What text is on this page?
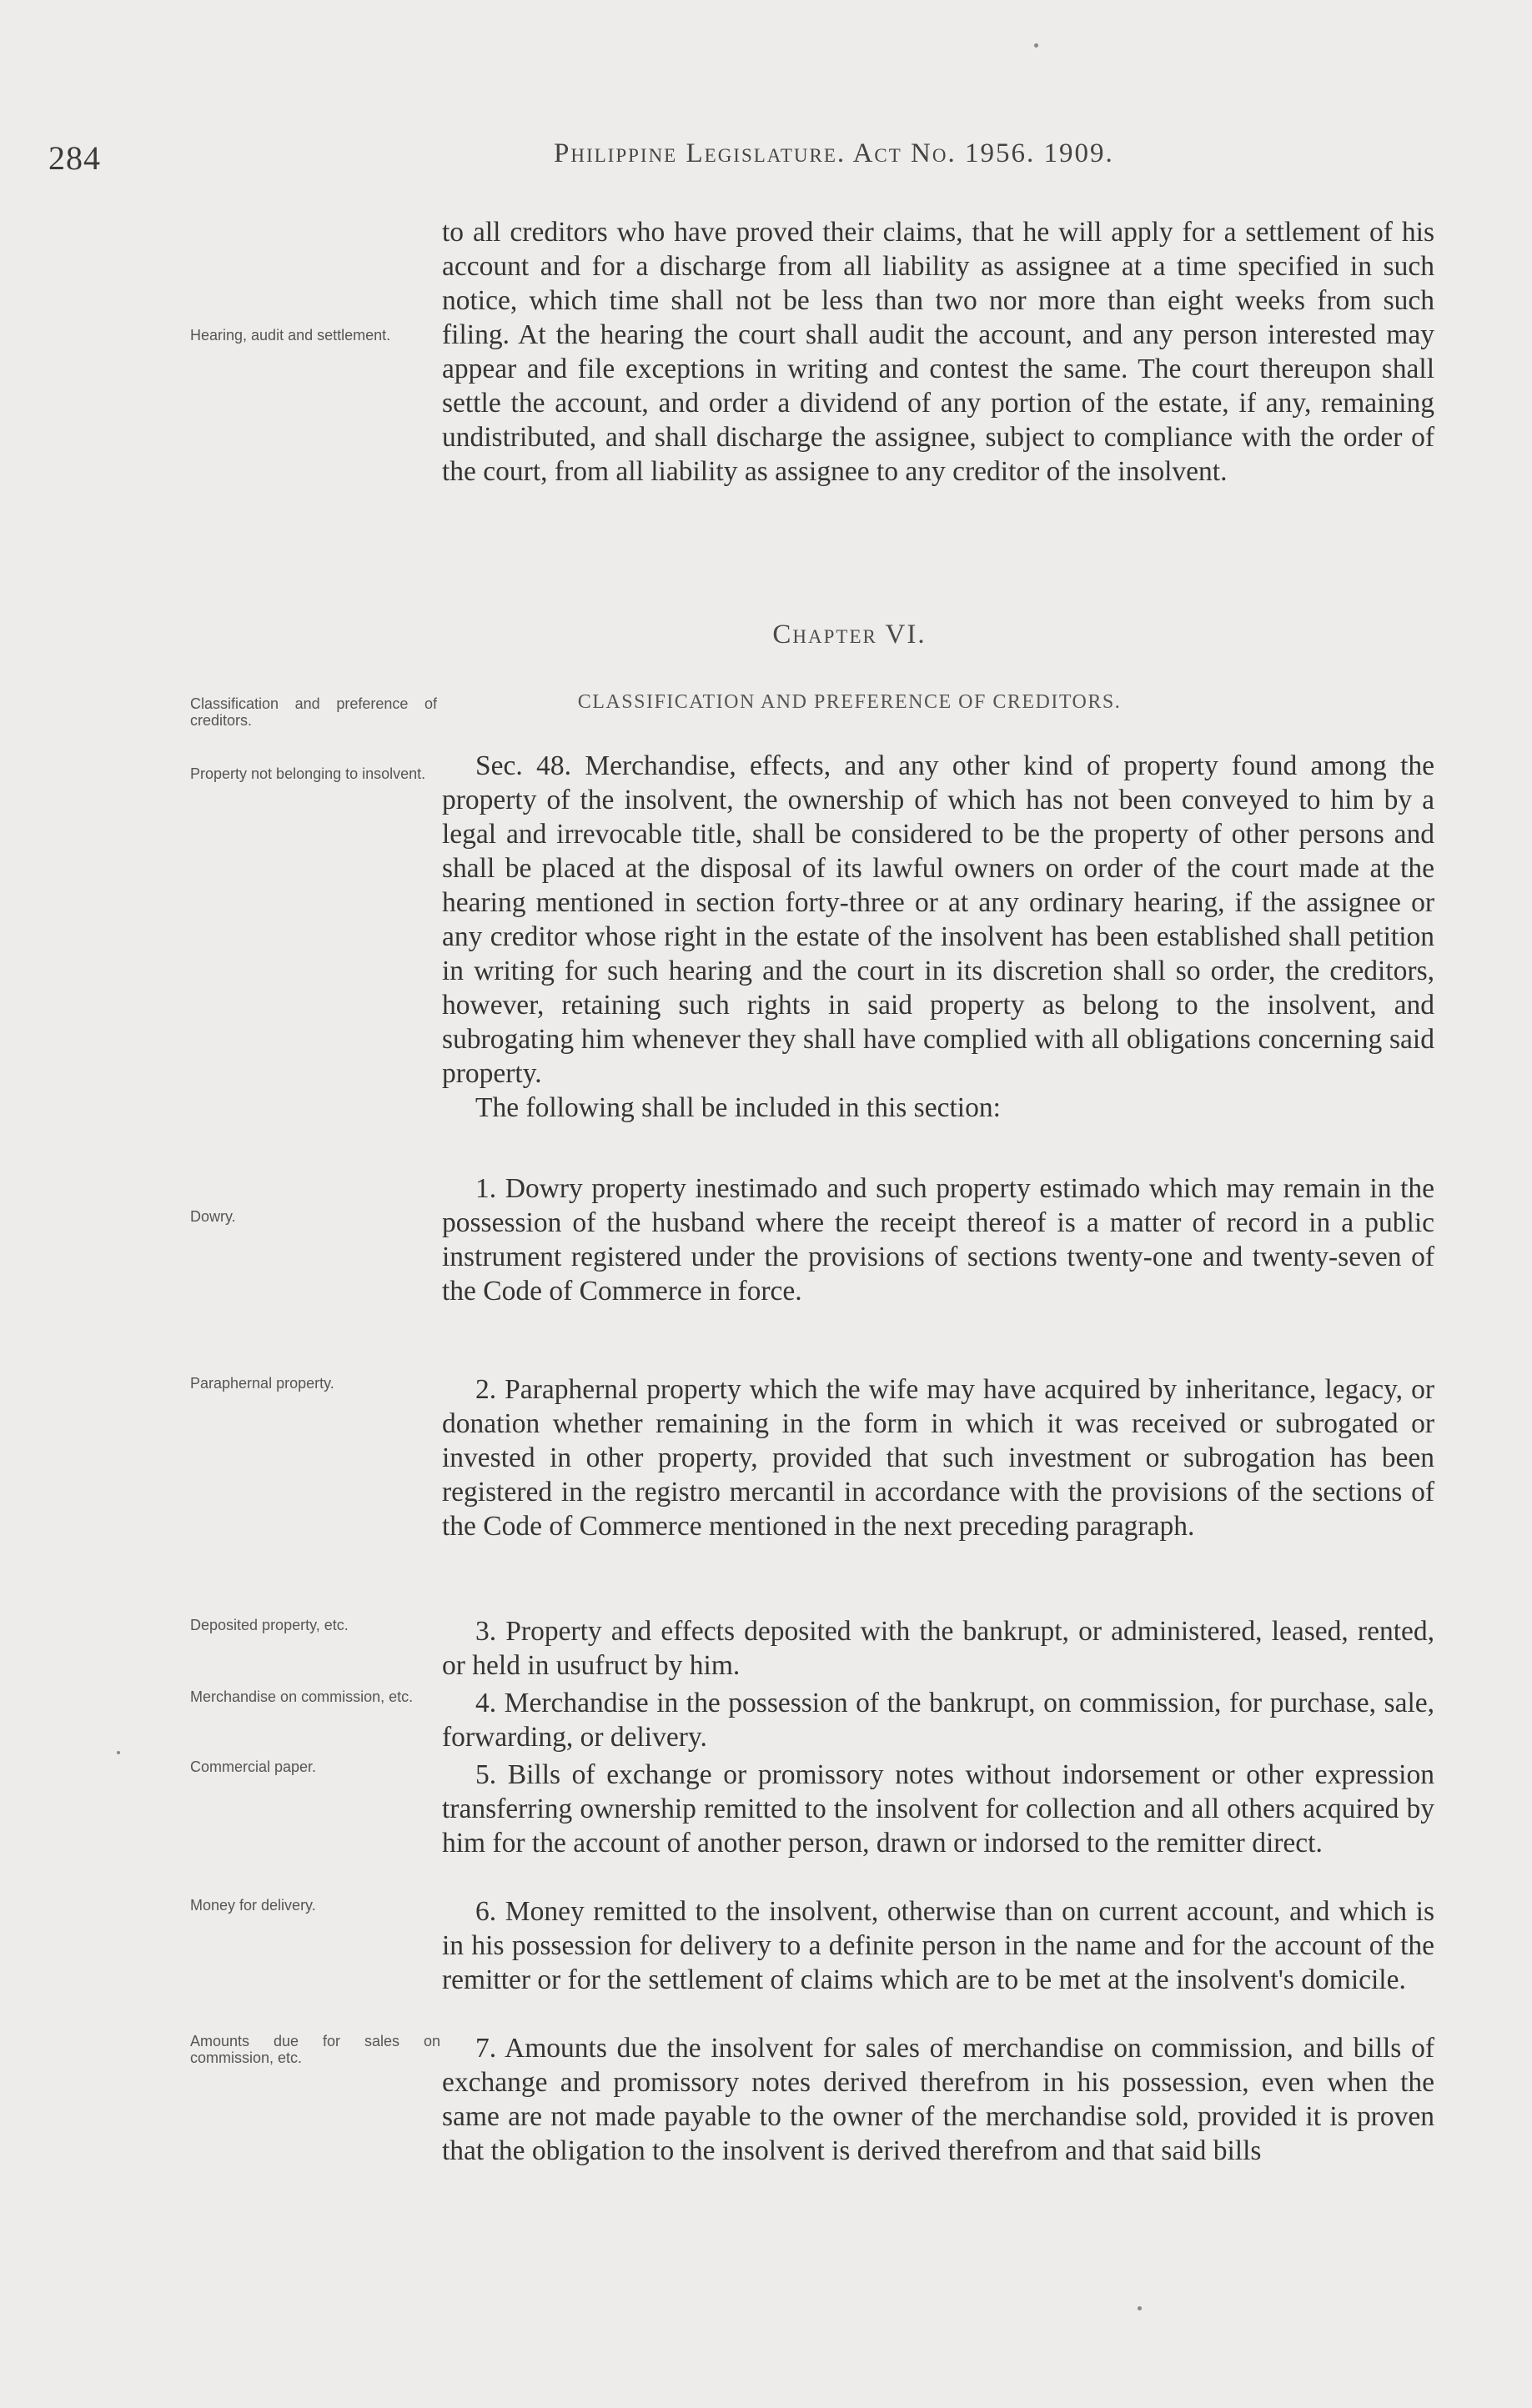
284	Philippine Legislature. Act No. 1956. 1909.
Hearing, audit and settlement.

to all creditors who have proved their claims, that he will apply for a settlement of his account and for a discharge from all liability as assignee at a time specified in such notice, which time shall not be less than two nor more than eight weeks from such filing. At the hearing the court shall audit the account, and any person interested may appear and file exceptions in writing and contest the same. The court thereupon shall settle the account, and order a dividend of any portion of the estate, if any, remaining undistributed, and shall discharge the assignee, subject to compliance with the order of the court, from all liability as assignee to any creditor of the insolvent.

Chapter VI.
CLASSIFICATION AND PREFERENCE OF CREDITORS.
Classification and preference of creditors.
Property not belonging to insolvent.	Sec. 48. Merchandise, effects, and any other kind of property found among the property of the insolvent, the ownership of which has not been conveyed to him by a legal and irrevocable title, shall be considered to be the property of other persons and shall be placed at the disposal of its lawful owners on order of the court made at the hearing mentioned in section forty-three or at any ordinary hearing, if the assignee or any creditor whose right in the estate of the insolvent has been established shall petition in writing for such hearing and the court in its discretion shall so order, the creditors, however, retaining such rights in said property as belong to the insolvent, and subrogating him whenever they shall have complied with all obligations concerning said property.

The following shall be included in this section:

Dowry.

1. Dowry property inestimado and such property estimado which may remain in the possession of the husband where the receipt thereof is a matter of record in a public instrument registered under the provisions of sections twenty-one and twenty-seven of the Code of Commerce in force.

Paraphernal property.	2. Paraphernal property which the wife may have acquired by inheritance, legacy, or donation whether remaining in the form in which it was received or subrogated or invested in other property, provided that such investment or subrogation has been registered in the registro mercantil in accordance with the provisions of the sections of the Code of Commerce mentioned in the next preceding paragraph.

Deposited property, etc.	3. Property and effects deposited with the bankrupt, or administered, leased, rented, or held in usufruct by him.

Merchandise on commission, etc.	4. Merchandise in the possession of the bankrupt, on commission, for purchase, sale, forwarding, or delivery.

Commercial paper.	5. Bills of exchange or promissory notes without indorsement or other expression transferring ownership remitted to the insolvent for collection and all others acquired by him for the account of another person, drawn or indorsed to the remitter direct.

Money for delivery.	6. Money remitted to the insolvent, otherwise than on current account, and which is in his possession for delivery to a definite person in the name and for the account of the remitter or for the settlement of claims which are to be met at the insolvent's domicile.

Amounts due for sales on commission, etc.	7. Amounts due the insolvent for sales of merchandise on commission, and bills of exchange and promissory notes derived therefrom in his possession, even when the same are not made payable to the owner of the merchandise sold, provided it is proven that the obligation to the insolvent is derived therefrom and that said bills
